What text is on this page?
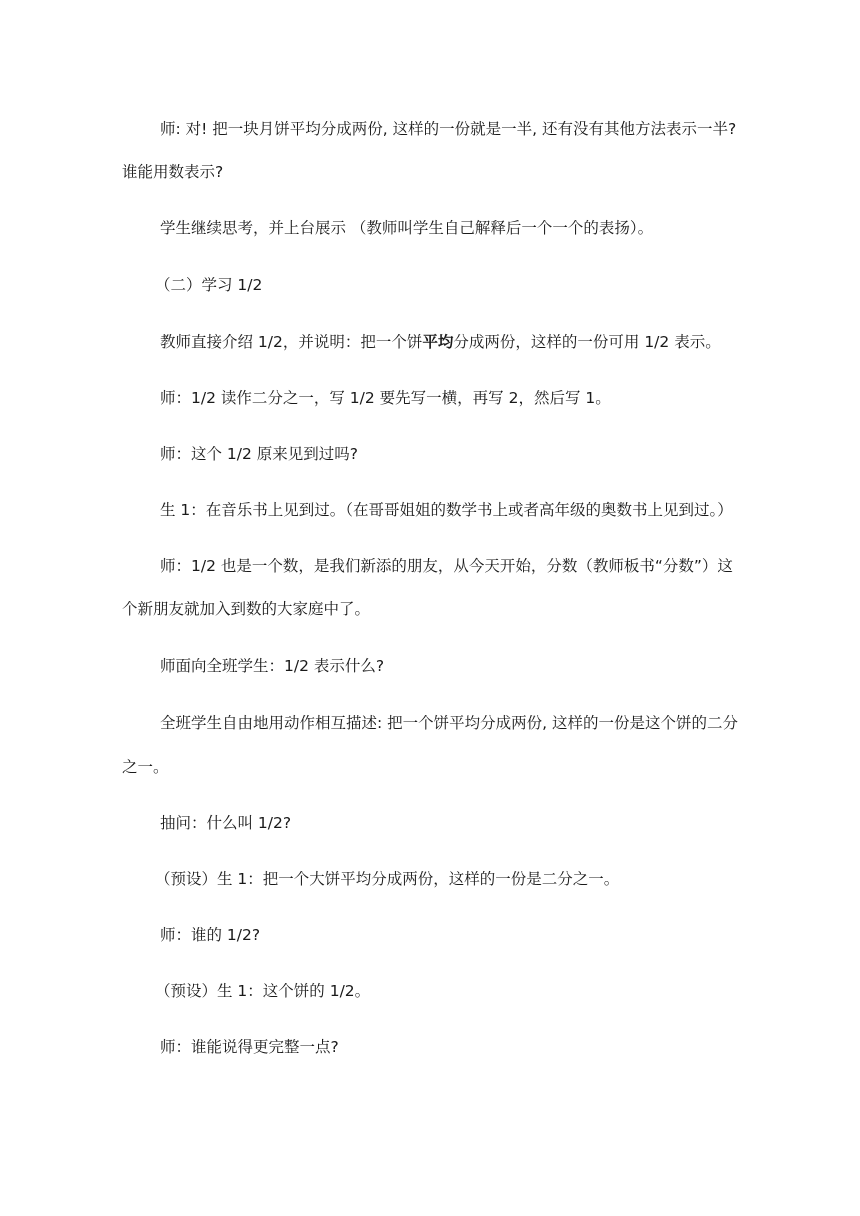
师: 对! 把一块月饼平均分成两份, 这样的一份就是一半, 还有没有其他方法表示一半?
谁能用数表示?
学生继续思考，并上台展示 （教师叫学生自己解释后一个一个的表扬）。
（二）学习 1/2
教师直接介绍 1/2，并说明：把一个饼平均分成两份，这样的一份可用 1/2 表示。
师：1/2 读作二分之一，写 1/2 要先写一横，再写 2，然后写 1。
师：这个 1/2 原来见到过吗?
生 1：在音乐书上见到过。（在哥哥姐姐的数学书上或者高年级的奥数书上见到过。）
师：1/2 也是一个数，是我们新添的朋友，从今天开始，分数（教师板书“分数”）这
个新朋友就加入到数的大家庭中了。
师面向全班学生：1/2 表示什么?
全班学生自由地用动作相互描述: 把一个饼平均分成两份, 这样的一份是这个饼的二分
之一。
抽问：什么叫 1/2?
（预设）生 1：把一个大饼平均分成两份，这样的一份是二分之一。
师：谁的 1/2?
（预设）生 1：这个饼的 1/2。
师：谁能说得更完整一点?
